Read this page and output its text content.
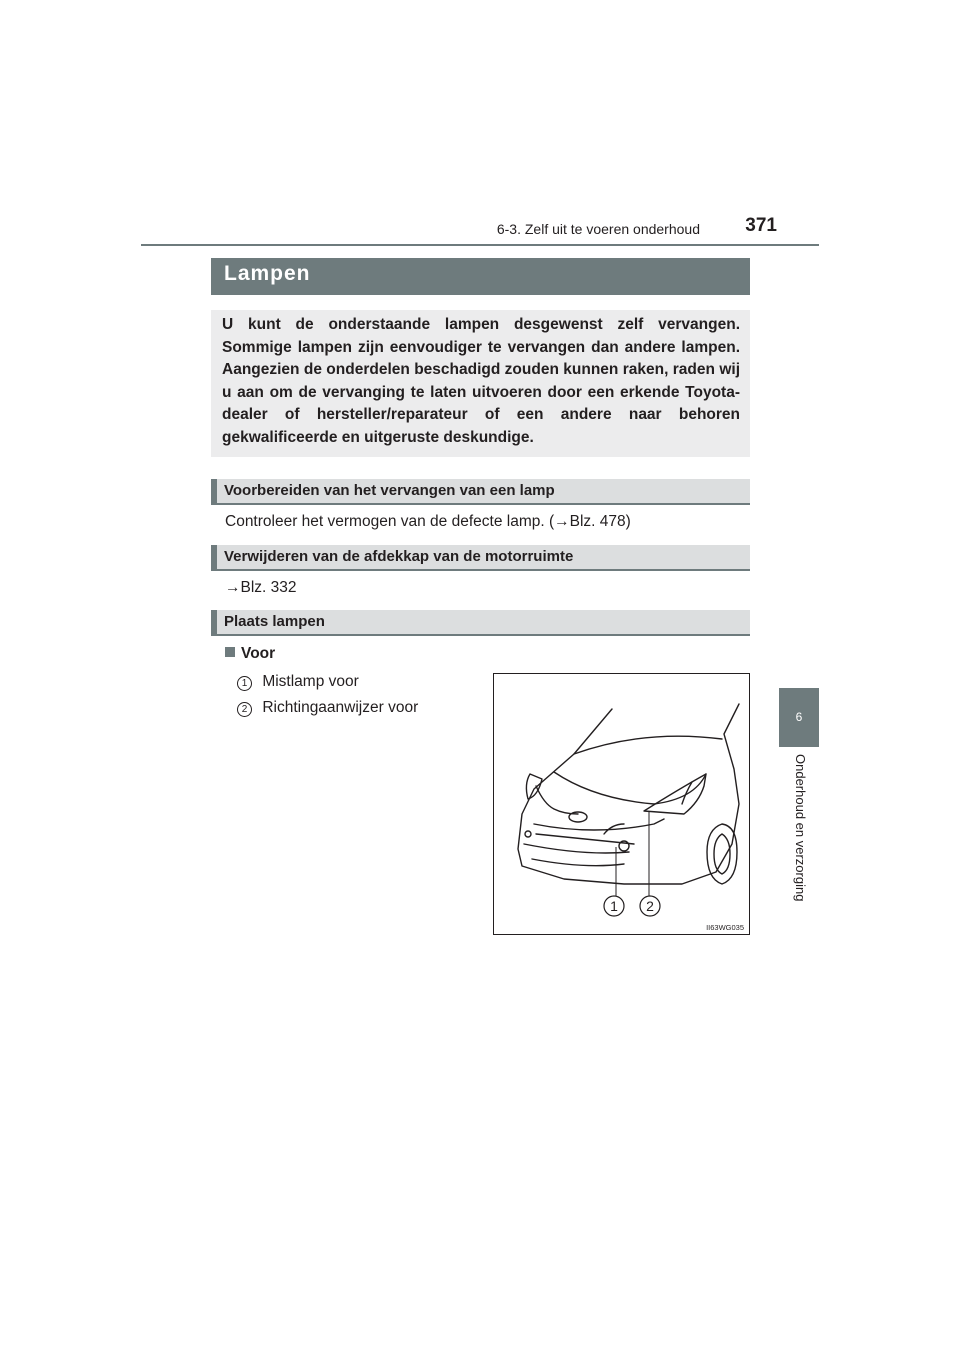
6-3. Zelf uit te voeren onderhoud	371
6
Onderhoud en verzorging
Lampen
U kunt de onderstaande lampen desgewenst zelf vervangen. Sommige lampen zijn eenvoudiger te vervangen dan andere lampen. Aangezien de onderdelen beschadigd zouden kunnen raken, raden wij u aan om de vervanging te laten uitvoeren door een erkende Toyota-dealer of hersteller/reparateur of een andere naar behoren gekwalificeerde en uitgeruste deskundige.
Voorbereiden van het vervangen van een lamp
Controleer het vermogen van de defecte lamp. (→Blz. 478)
Verwijderen van de afdekkap van de motorruimte
→Blz. 332
Plaats lampen
Voor
1 Mistlamp voor
2 Richtingaanwijzer voor
1 2
II63WG035
